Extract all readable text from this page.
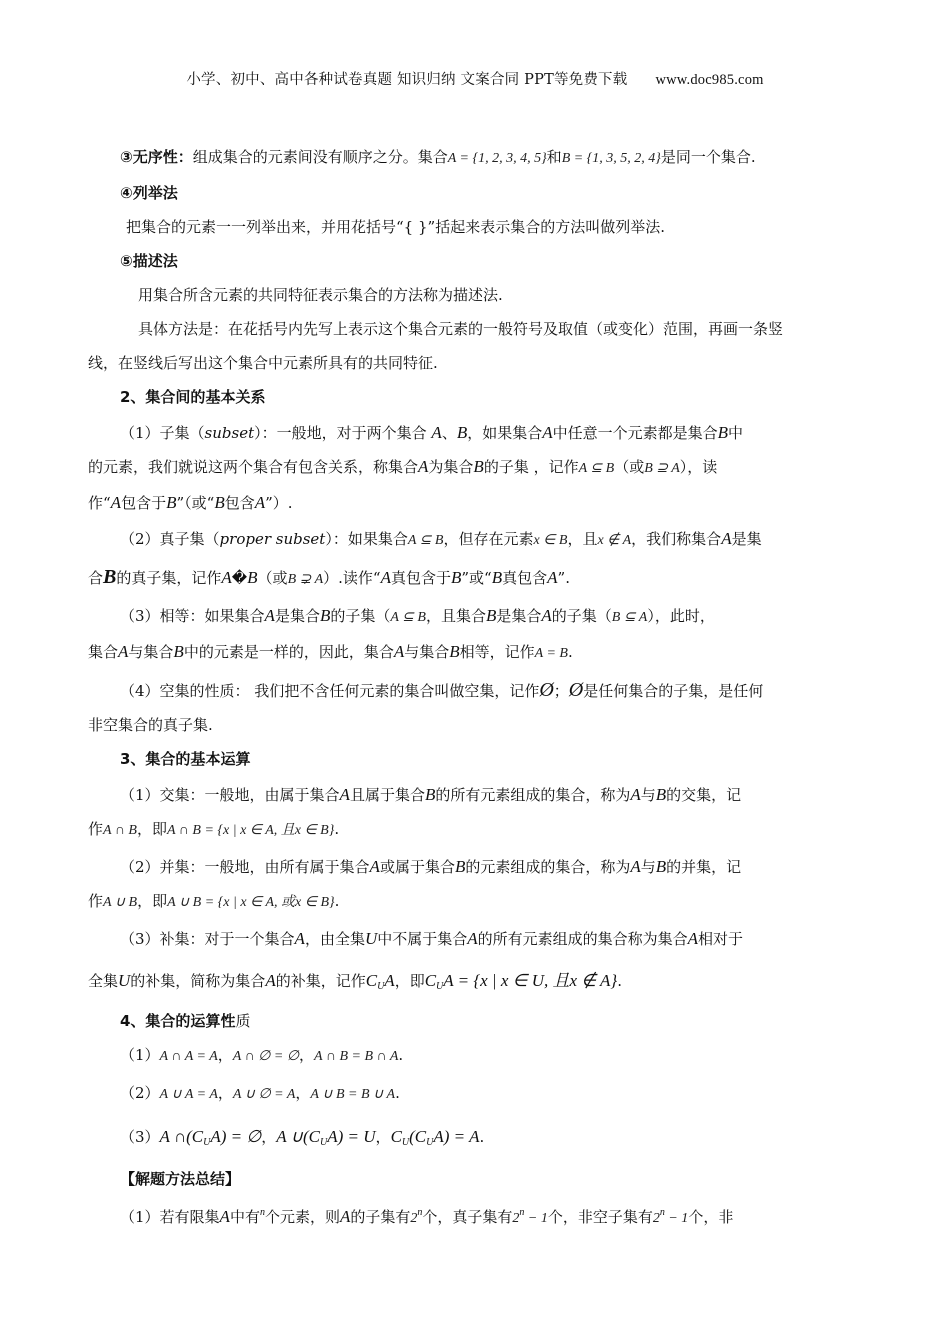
小学、初中、高中各种试卷真题 知识归纳 文案合同 PPT等免费下载 www.doc985.com
③无序性：组成集合的元素间没有顺序之分。集合A = {1, 2, 3, 4, 5}和B = {1, 3, 5, 2, 4}是同一个集合.
④列举法
把集合的元素一一列举出来，并用花括号“{ }”括起来表示集合的方法叫做列举法.
⑤描述法
用集合所含元素的共同特征表示集合的方法称为描述法.
具体方法是：在花括号内先写上表示这个集合元素的一般符号及取值（或变化）范围，再画一条竖
线，在竖线后写出这个集合中元素所具有的共同特征.
2、集合间的基本关系
（1）子集（subset）：一般地，对于两个集合 A、B，如果集合A中任意一个元素都是集合B中
的元素，我们就说这两个集合有包含关系，称集合A为集合B的子集 ，记作A ⊆ B（或B ⊇ A），读
作“A包含于B”（或“B包含A”）.
（2）真子集（proper subset）：如果集合A ⊆ B，但存在元素x ∈ B，且x ∉ A，我们称集合A是集
合B的真子集，记作A�B（或B ⊋ A）.读作“A真包含于B”或“B真包含A”.
（3）相等：如果集合A是集合B的子集（A ⊆ B，且集合B是集合A的子集（B ⊆ A），此时，
集合A与集合B中的元素是一样的，因此，集合A与集合B相等，记作A = B.
（4）空集的性质： 我们把不含任何元素的集合叫做空集，记作Ø；Ø是任何集合的子集，是任何
非空集合的真子集.
3、集合的基本运算
（1）交集：一般地，由属于集合A且属于集合B的所有元素组成的集合，称为A与B的交集，记
作A ∩ B，即A ∩ B = {x | x ∈ A, 且x ∈ B}.
（2）并集：一般地，由所有属于集合A或属于集合B的元素组成的集合，称为A与B的并集，记
作A ∪ B，即A ∪ B = {x | x ∈ A, 或x ∈ B}.
（3）补集：对于一个集合A，由全集U中不属于集合A的所有元素组成的集合称为集合A相对于
全集U的补集，简称为集合A的补集，记作$C_UA$，即$C_UA = \{x$ | x ∈ U, 且x ∉ A}.
4、集合的运算性质
（1）A ∩ A = A，A ∩ ∅ = ∅，A ∩ B = B ∩ A.
（2）A ∪ A = A，A ∪ ∅ = A，A ∪ B = B ∪ A.
（3）A $\cap(C_UA)$ = ∅，A $\cup(C_UA) = U$，$C_U(C_UA) = A$.
【解题方法总结】
（1）若有限集A中有$^n$个元素，则A的子集有2$^n$个，真子集有$2^n - 1$个，非空子集有$2^n - 1$个，非
